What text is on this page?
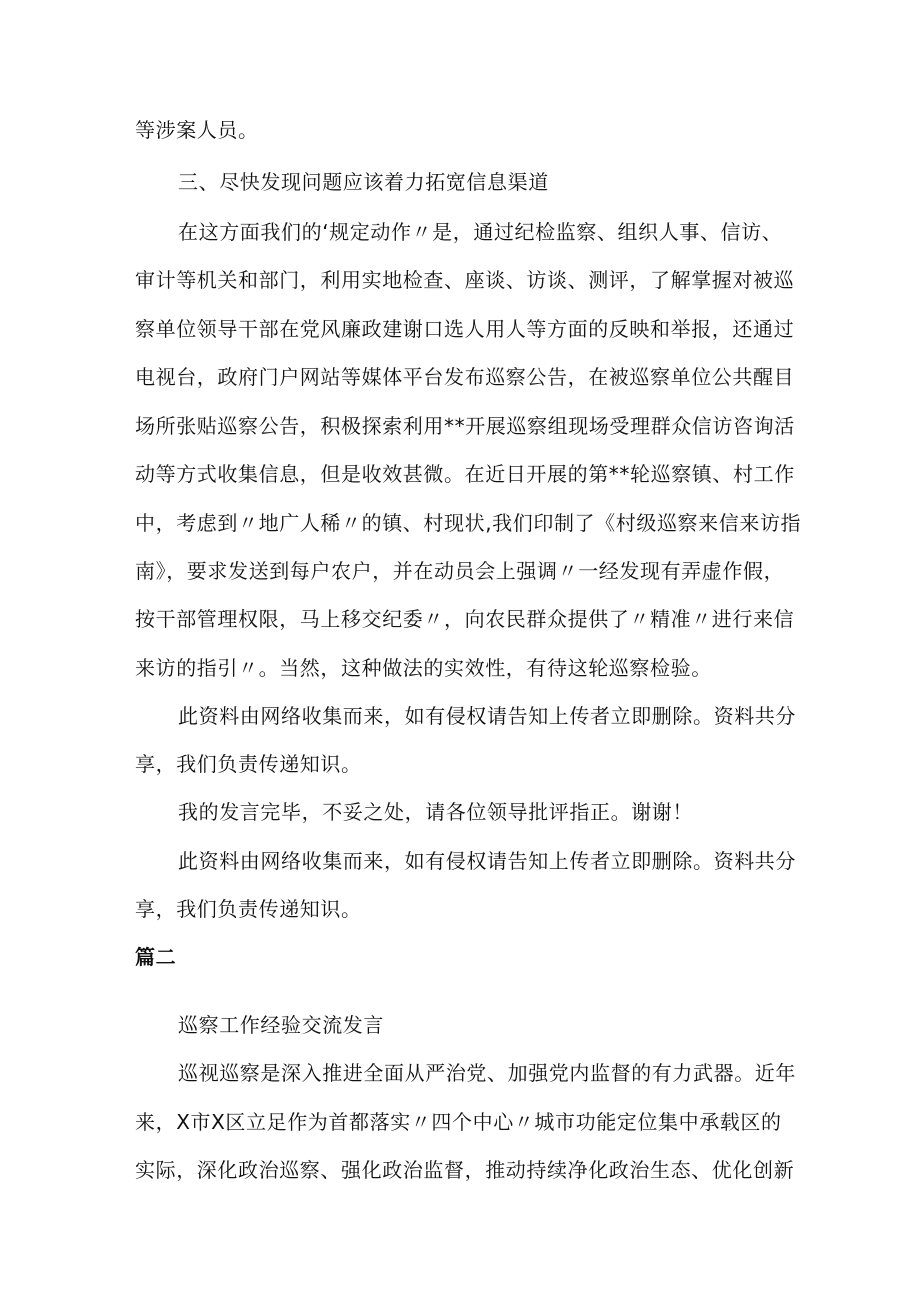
等涉案人员。
三、尽快发现问题应该着力拓宽信息渠道
在这方面我们的‘规定动作〃是，通过纪检监察、组织人事、信访、
审计等机关和部门，利用实地检查、座谈、访谈、测评，了解掌握对被巡
察单位领导干部在党风廉政建谢口选人用人等方面的反映和举报，还通过
电视台，政府门户网站等媒体平台发布巡察公告，在被巡察单位公共醒目
场所张贴巡察公告，积极探索利用**开展巡察组现场受理群众信访咨询活
动等方式收集信息，但是收效甚微。在近日开展的第**轮巡察镇、村工作
中，考虑到〃地广人稀〃的镇、村现状,我们印制了《村级巡察来信来访指
南》，要求发送到每户农户，并在动员会上强调〃一经发现有弄虚作假，
按干部管理权限，马上移交纪委〃，向农民群众提供了〃精准〃进行来信
来访的指引〃。当然，这种做法的实效性，有待这轮巡察检验。
此资料由网络收集而来，如有侵权请告知上传者立即删除。资料共分
享，我们负责传递知识。
我的发言完毕，不妥之处，请各位领导批评指正。谢谢！
此资料由网络收集而来，如有侵权请告知上传者立即删除。资料共分
享，我们负责传递知识。
篇二
巡察工作经验交流发言
巡视巡察是深入推进全面从严治党、加强党内监督的有力武器。近年
来，X市X区立足作为首都落实〃四个中心〃城市功能定位集中承载区的
实际，深化政治巡察、强化政治监督，推动持续净化政治生态、优化创新
